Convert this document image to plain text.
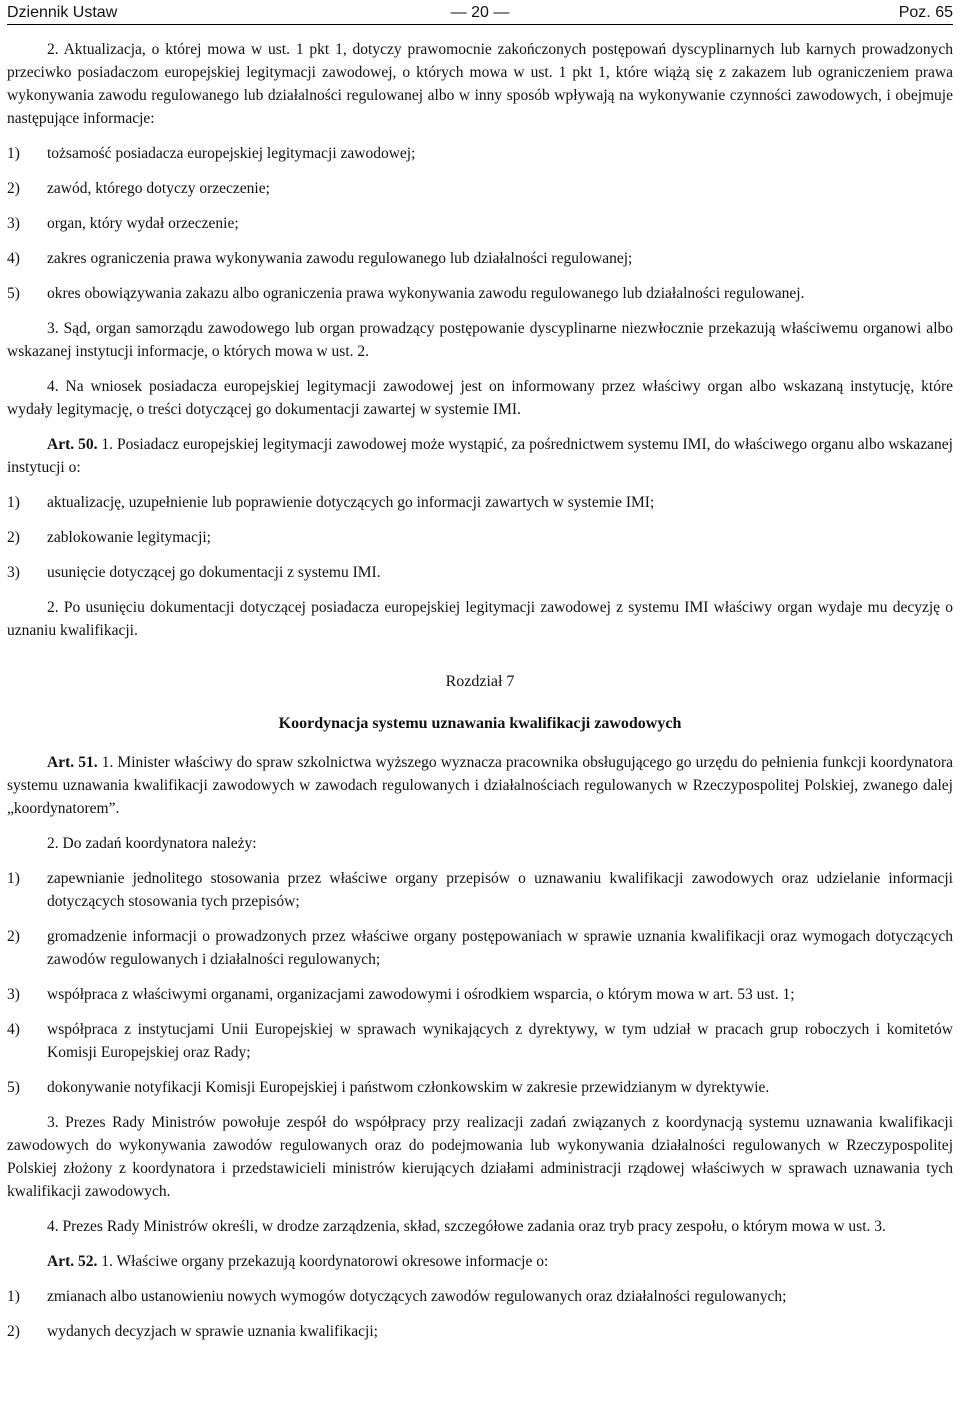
Dziennik Ustaw	— 20 —	Poz. 65

2. Aktualizacja, o której mowa w ust. 1 pkt 1, dotyczy prawomocnie zakończonych postępowań dyscyplinarnych lub karnych prowadzonych przeciwko posiadaczom europejskiej legitymacji zawodowej, o których mowa w ust. 1 pkt 1, które wiążą się z zakazem lub ograniczeniem prawa wykonywania zawodu regulowanego lub działalności regulowanej albo w inny sposób wpływają na wykonywanie czynności zawodowych, i obejmuje następujące informacje:

1)	tożsamość posiadacza europejskiej legitymacji zawodowej;
2)	zawód, którego dotyczy orzeczenie;
3)	organ, który wydał orzeczenie;
4)	zakres ograniczenia prawa wykonywania zawodu regulowanego lub działalności regulowanej;
5)	okres obowiązywania zakazu albo ograniczenia prawa wykonywania zawodu regulowanego lub działalności regulowanej.

3. Sąd, organ samorządu zawodowego lub organ prowadzący postępowanie dyscyplinarne niezwłocznie przekazują właściwemu organowi albo wskazanej instytucji informacje, o których mowa w ust. 2.

4. Na wniosek posiadacza europejskiej legitymacji zawodowej jest on informowany przez właściwy organ albo wskazaną instytucję, które wydały legitymację, o treści dotyczącej go dokumentacji zawartej w systemie IMI.

Art. 50. 1. Posiadacz europejskiej legitymacji zawodowej może wystąpić, za pośrednictwem systemu IMI, do właściwego organu albo wskazanej instytucji o:

1)	aktualizację, uzupełnienie lub poprawienie dotyczących go informacji zawartych w systemie IMI;
2)	zablokowanie legitymacji;
3)	usunięcie dotyczącej go dokumentacji z systemu IMI.

2. Po usunięciu dokumentacji dotyczącej posiadacza europejskiej legitymacji zawodowej z systemu IMI właściwy organ wydaje mu decyzję o uznaniu kwalifikacji.

Rozdział 7

Koordynacja systemu uznawania kwalifikacji zawodowych

Art. 51. 1. Minister właściwy do spraw szkolnictwa wyższego wyznacza pracownika obsługującego go urzędu do pełnienia funkcji koordynatora systemu uznawania kwalifikacji zawodowych w zawodach regulowanych i działalnościach regulowanych w Rzeczypospolitej Polskiej, zwanego dalej „koordynatorem”.

2. Do zadań koordynatora należy:

1)	zapewnianie jednolitego stosowania przez właściwe organy przepisów o uznawaniu kwalifikacji zawodowych oraz udzielanie informacji dotyczących stosowania tych przepisów;
2)	gromadzenie informacji o prowadzonych przez właściwe organy postępowaniach w sprawie uznania kwalifikacji oraz wymogach dotyczących zawodów regulowanych i działalności regulowanych;
3)	współpraca z właściwymi organami, organizacjami zawodowymi i ośrodkiem wsparcia, o którym mowa w art. 53 ust. 1;
4)	współpraca z instytucjami Unii Europejskiej w sprawach wynikających z dyrektywy, w tym udział w pracach grup roboczych i komitetów Komisji Europejskiej oraz Rady;
5)	dokonywanie notyfikacji Komisji Europejskiej i państwom członkowskim w zakresie przewidzianym w dyrektywie.

3. Prezes Rady Ministrów powołuje zespół do współpracy przy realizacji zadań związanych z koordynacją systemu uznawania kwalifikacji zawodowych do wykonywania zawodów regulowanych oraz do podejmowania lub wykonywania działalności regulowanych w Rzeczypospolitej Polskiej złożony z koordynatora i przedstawicieli ministrów kierujących działami administracji rządowej właściwych w sprawach uznawania tych kwalifikacji zawodowych.

4. Prezes Rady Ministrów określi, w drodze zarządzenia, skład, szczegółowe zadania oraz tryb pracy zespołu, o którym mowa w ust. 3.

Art. 52. 1. Właściwe organy przekazują koordynatorowi okresowe informacje o:

1)	zmianach albo ustanowieniu nowych wymogów dotyczących zawodów regulowanych oraz działalności regulowanych;
2)	wydanych decyzjach w sprawie uznania kwalifikacji;
